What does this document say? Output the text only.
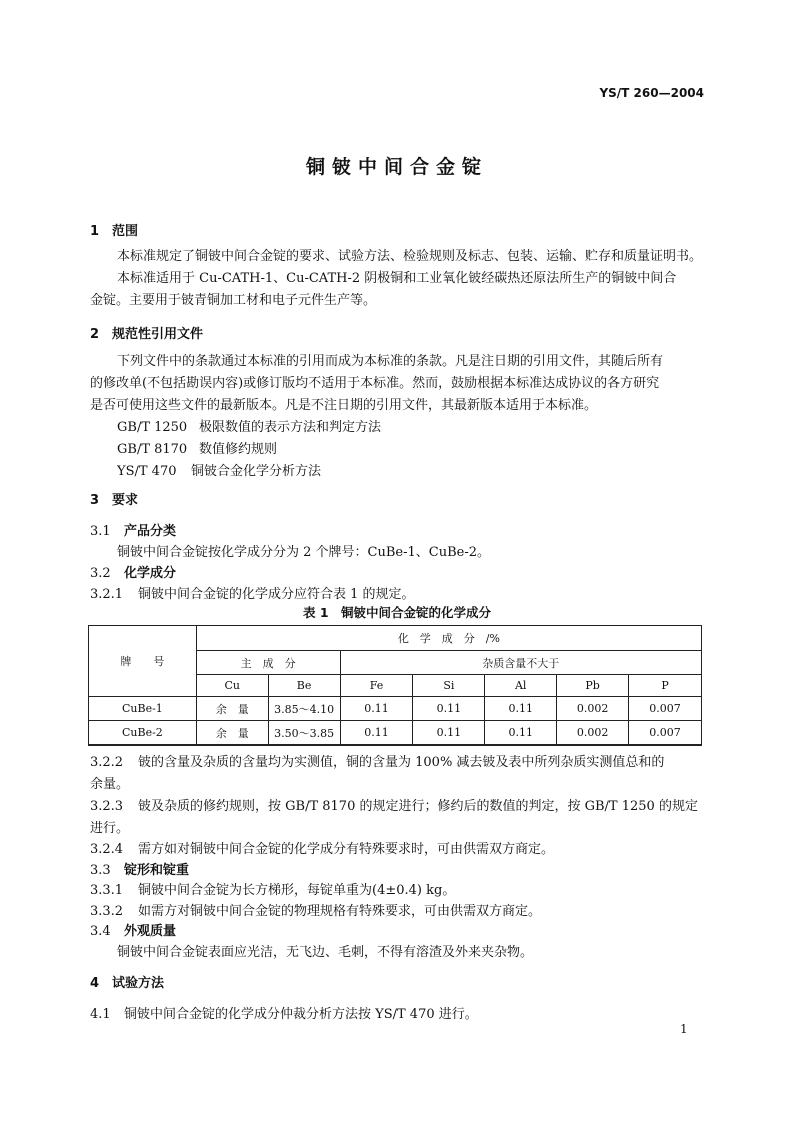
YS/T 260—2004
铜铍中间合金锭
1 范围
本标准规定了铜铍中间合金锭的要求、试验方法、检验规则及标志、包装、运输、贮存和质量证明书。
本标准适用于 Cu-CATH-1、Cu-CATH-2 阴极铜和工业氧化铍经碳热还原法所生产的铜铍中间合
金锭。主要用于铍青铜加工材和电子元件生产等。
2 规范性引用文件
下列文件中的条款通过本标准的引用而成为本标准的条款。凡是注日期的引用文件，其随后所有
的修改单(不包括勘误内容)或修订版均不适用于本标准。然而，鼓励根据本标准达成协议的各方研究
是否可使用这些文件的最新版本。凡是不注日期的引用文件，其最新版本适用于本标准。
GB/T 1250 极限数值的表示方法和判定方法
GB/T 8170 数值修约规则
YS/T 470 铜铍合金化学分析方法
3 要求
3.1 产品分类
铜铍中间合金锭按化学成分分为 2 个牌号：CuBe-1、CuBe-2。
3.2 化学成分
3.2.1 铜铍中间合金锭的化学成分应符合表 1 的规定。
表 1　铜铍中间合金锭的化学成分
牌　　号	化　学　成　分　/%						
	主　成　分		杂质含量不大于				
	Cu	Be	Fe	Si	Al	Pb	P
CuBe-1	余　量	3.85～4.10	0.11	0.11	0.11	0.002	0.007
CuBe-2	余　量	3.50～3.85	0.11	0.11	0.11	0.002	0.007
3.2.2 铍的含量及杂质的含量均为实测值，铜的含量为 100% 减去铍及表中所列杂质实测值总和的
余量。
3.2.3 铍及杂质的修约规则，按 GB/T 8170 的规定进行；修约后的数值的判定，按 GB/T 1250 的规定
进行。
3.2.4 需方如对铜铍中间合金锭的化学成分有特殊要求时，可由供需双方商定。
3.3 锭形和锭重
3.3.1 铜铍中间合金锭为长方梯形，每锭单重为(4±0.4) kg。
3.3.2 如需方对铜铍中间合金锭的物理规格有特殊要求，可由供需双方商定。
3.4 外观质量
铜铍中间合金锭表面应光洁，无飞边、毛刺，不得有溶渣及外来夹杂物。
4 试验方法
4.1 铜铍中间合金锭的化学成分仲裁分析方法按 YS/T 470 进行。
1
